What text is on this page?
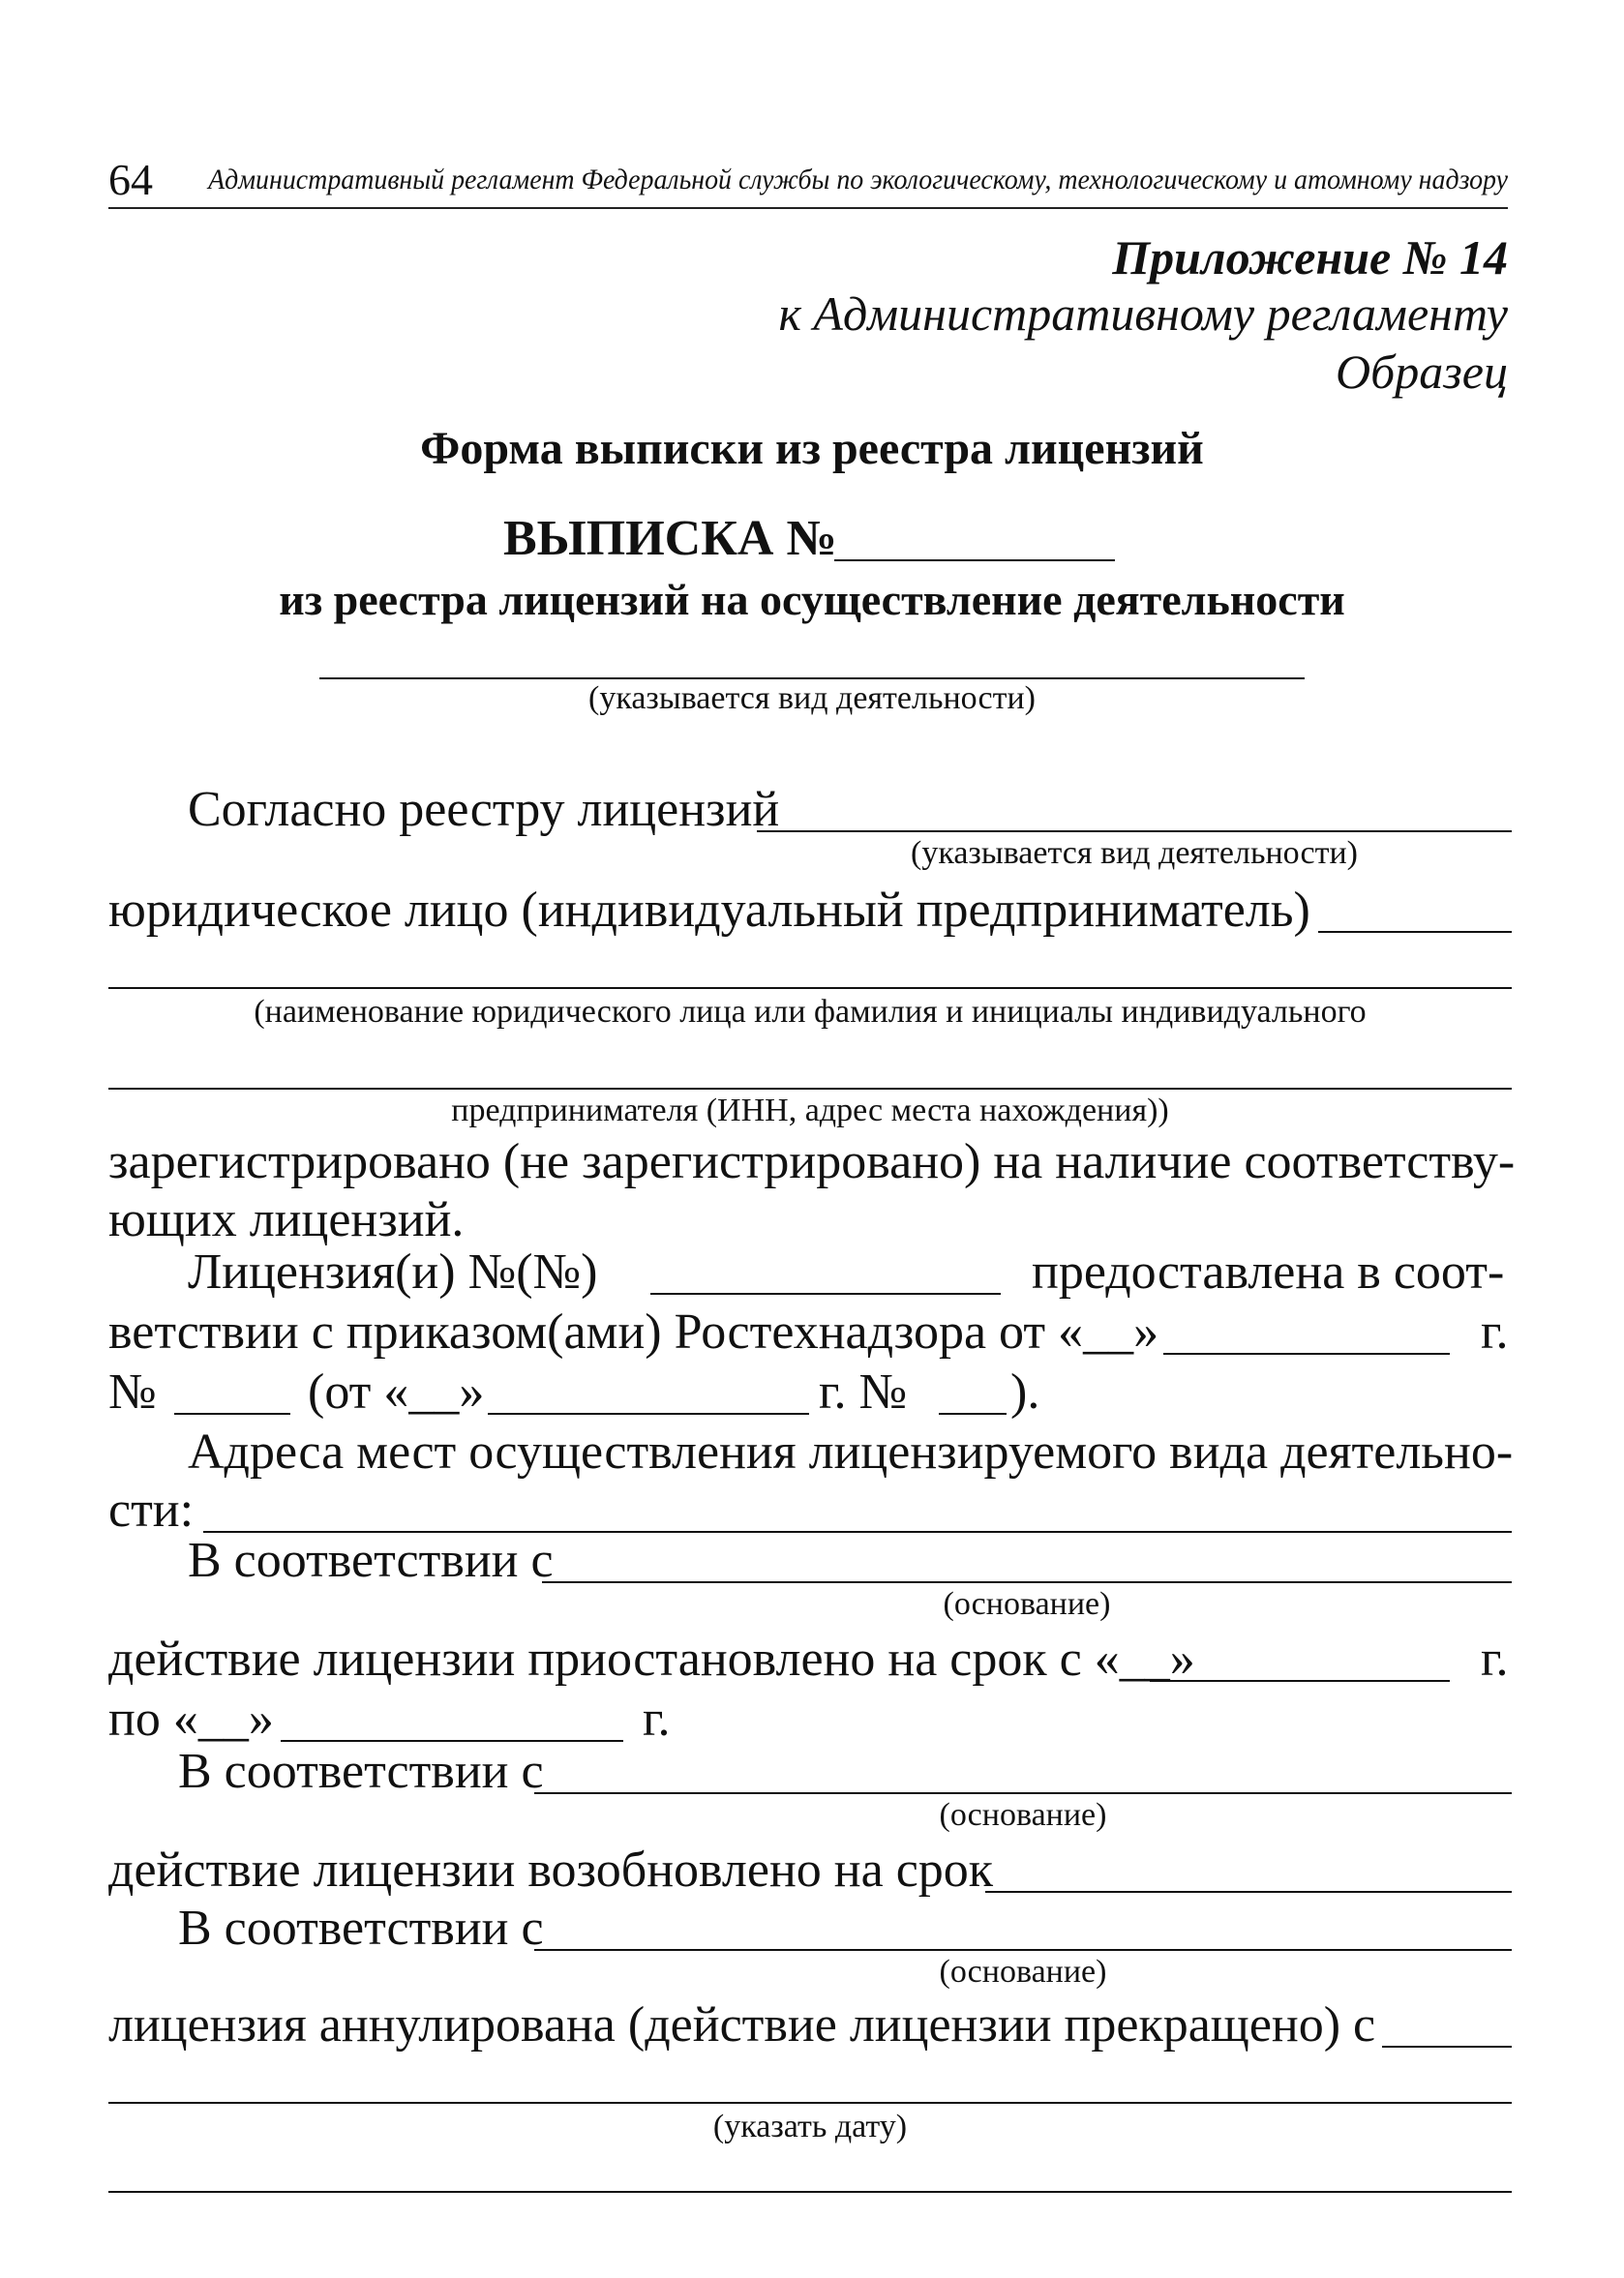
64 Административный регламент Федеральной службы по экологическому, технологическому и атомному надзору
Приложение № 14
к Административному регламенту
Образец
Форма выписки из реестра лицензий
ВЫПИСКА №
из реестра лицензий на осуществление деятельности
(указывается вид деятельности)
Согласно реестру лицензий
(указывается вид деятельности)
юридическое лицо (индивидуальный предприниматель)
(наименование юридического лица или фамилия и инициалы индивидуального
предпринимателя (ИНН, адрес места нахождения))
зарегистрировано (не зарегистрировано) на наличие соответству-
ющих лицензий.
Лицензия(и) №(№)	предоставлена в соот-
ветствии с приказом(ами) Ростехнадзора от «__»	г.
№	(от «__»	г. № ).
Адреса мест осуществления лицензируемого вида деятельно-
сти:
В соответствии с
(основание)
действие лицензии приостановлено на срок с «__»	г.
по «__»	г.
В соответствии с
(основание)
действие лицензии возобновлено на срок
В соответствии с
(основание)
лицензия аннулирована (действие лицензии прекращено) с
(указать дату)
